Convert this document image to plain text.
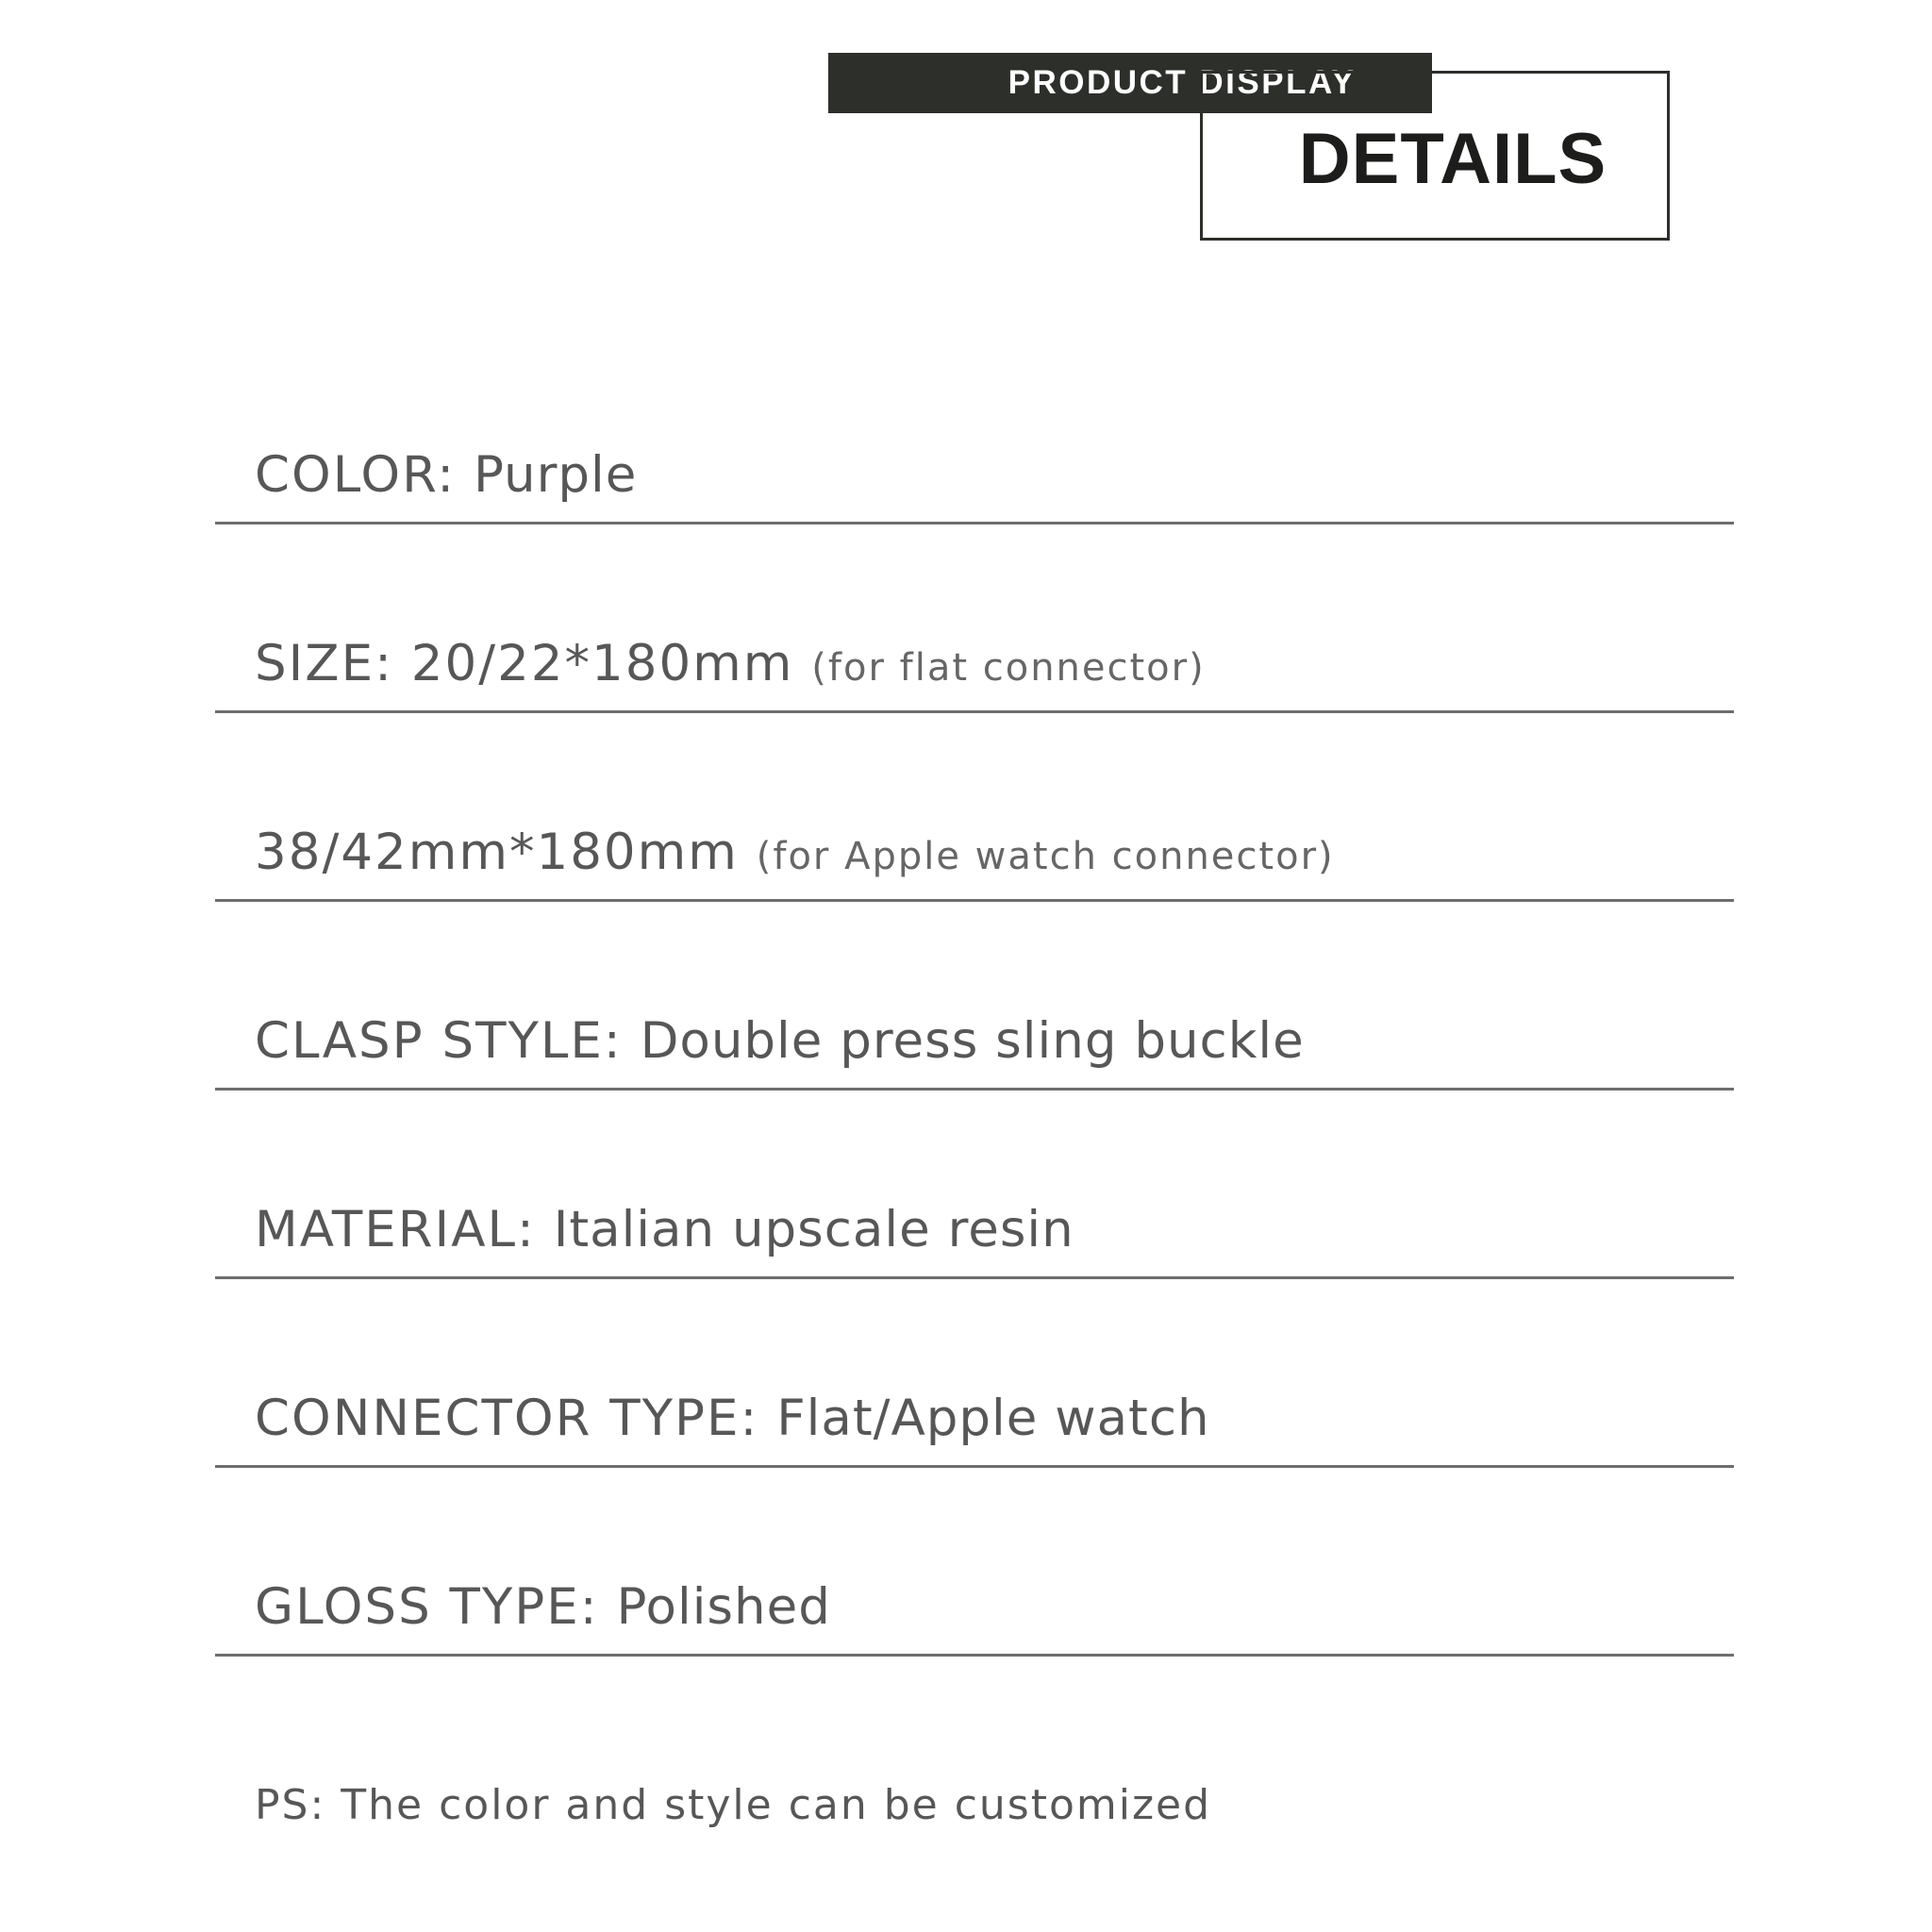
PRODUCT DISPLAY
DETAILS
COLOR: Purple
SIZE: 20/22*180mm (for flat connector)
38/42mm*180mm (for Apple watch connector)
CLASP STYLE: Double press sling buckle
MATERIAL: Italian upscale resin
CONNECTOR TYPE: Flat/Apple watch
GLOSS TYPE: Polished
PS: The color and style can be customized
